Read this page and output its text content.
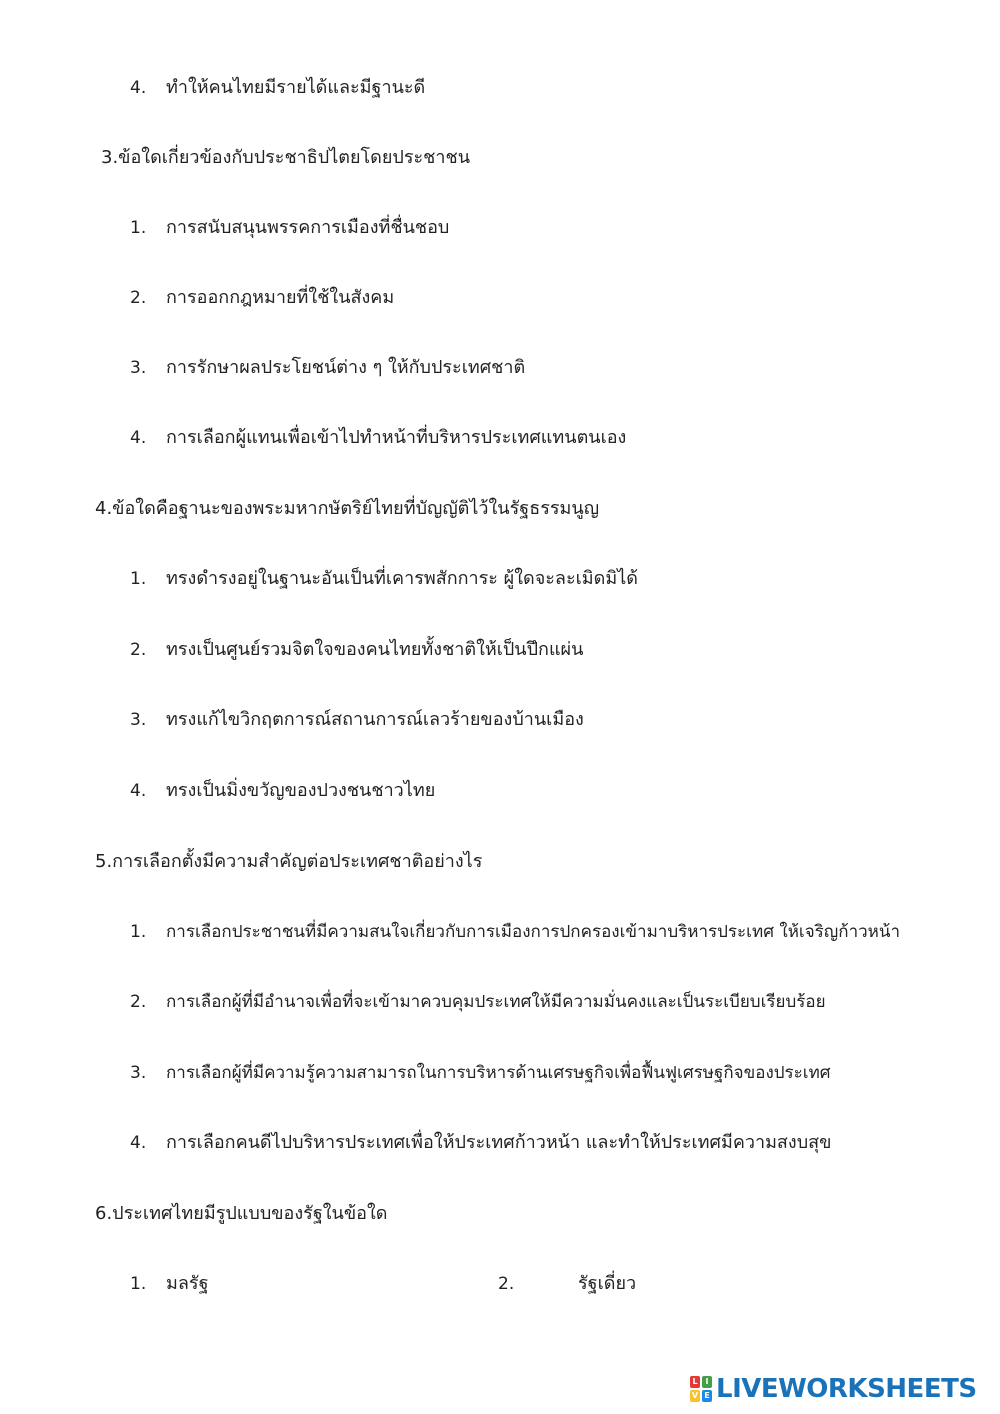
4. ทำให้คนไทยมีรายได้และมีฐานะดี
3.ข้อใดเกี่ยวข้องกับประชาธิปไตยโดยประชาชน
1. การสนับสนุนพรรคการเมืองที่ชื่นชอบ
2. การออกกฎหมายที่ใช้ในสังคม
3. การรักษาผลประโยชน์ต่าง ๆ ให้กับประเทศชาติ
4. การเลือกผู้แทนเพื่อเข้าไปทำหน้าที่บริหารประเทศแทนตนเอง
4.ข้อใดคือฐานะของพระมหากษัตริย์ไทยที่บัญญัติไว้ในรัฐธรรมนูญ
1. ทรงดำรงอยู่ในฐานะอันเป็นที่เคารพสักการะ ผู้ใดจะละเมิดมิได้
2. ทรงเป็นศูนย์รวมจิตใจของคนไทยทั้งชาติให้เป็นปึกแผ่น
3. ทรงแก้ไขวิกฤตการณ์สถานการณ์เลวร้ายของบ้านเมือง
4. ทรงเป็นมิ่งขวัญของปวงชนชาวไทย
5.การเลือกตั้งมีความสำคัญต่อประเทศชาติอย่างไร
1. การเลือกประชาชนที่มีความสนใจเกี่ยวกับการเมืองการปกครองเข้ามาบริหารประเทศ ให้เจริญก้าวหน้า
2. การเลือกผู้ที่มีอำนาจเพื่อที่จะเข้ามาควบคุมประเทศให้มีความมั่นคงและเป็นระเบียบเรียบร้อย
3. การเลือกผู้ที่มีความรู้ความสามารถในการบริหารด้านเศรษฐกิจเพื่อฟื้นฟูเศรษฐกิจของประเทศ
4. การเลือกคนดีไปบริหารประเทศเพื่อให้ประเทศก้าวหน้า และทำให้ประเทศมีความสงบสุข
6.ประเทศไทยมีรูปแบบของรัฐในข้อใด
1. มลรัฐ	2.	รัฐเดี่ยว
L I
V E LIVEWORKSHEETS
